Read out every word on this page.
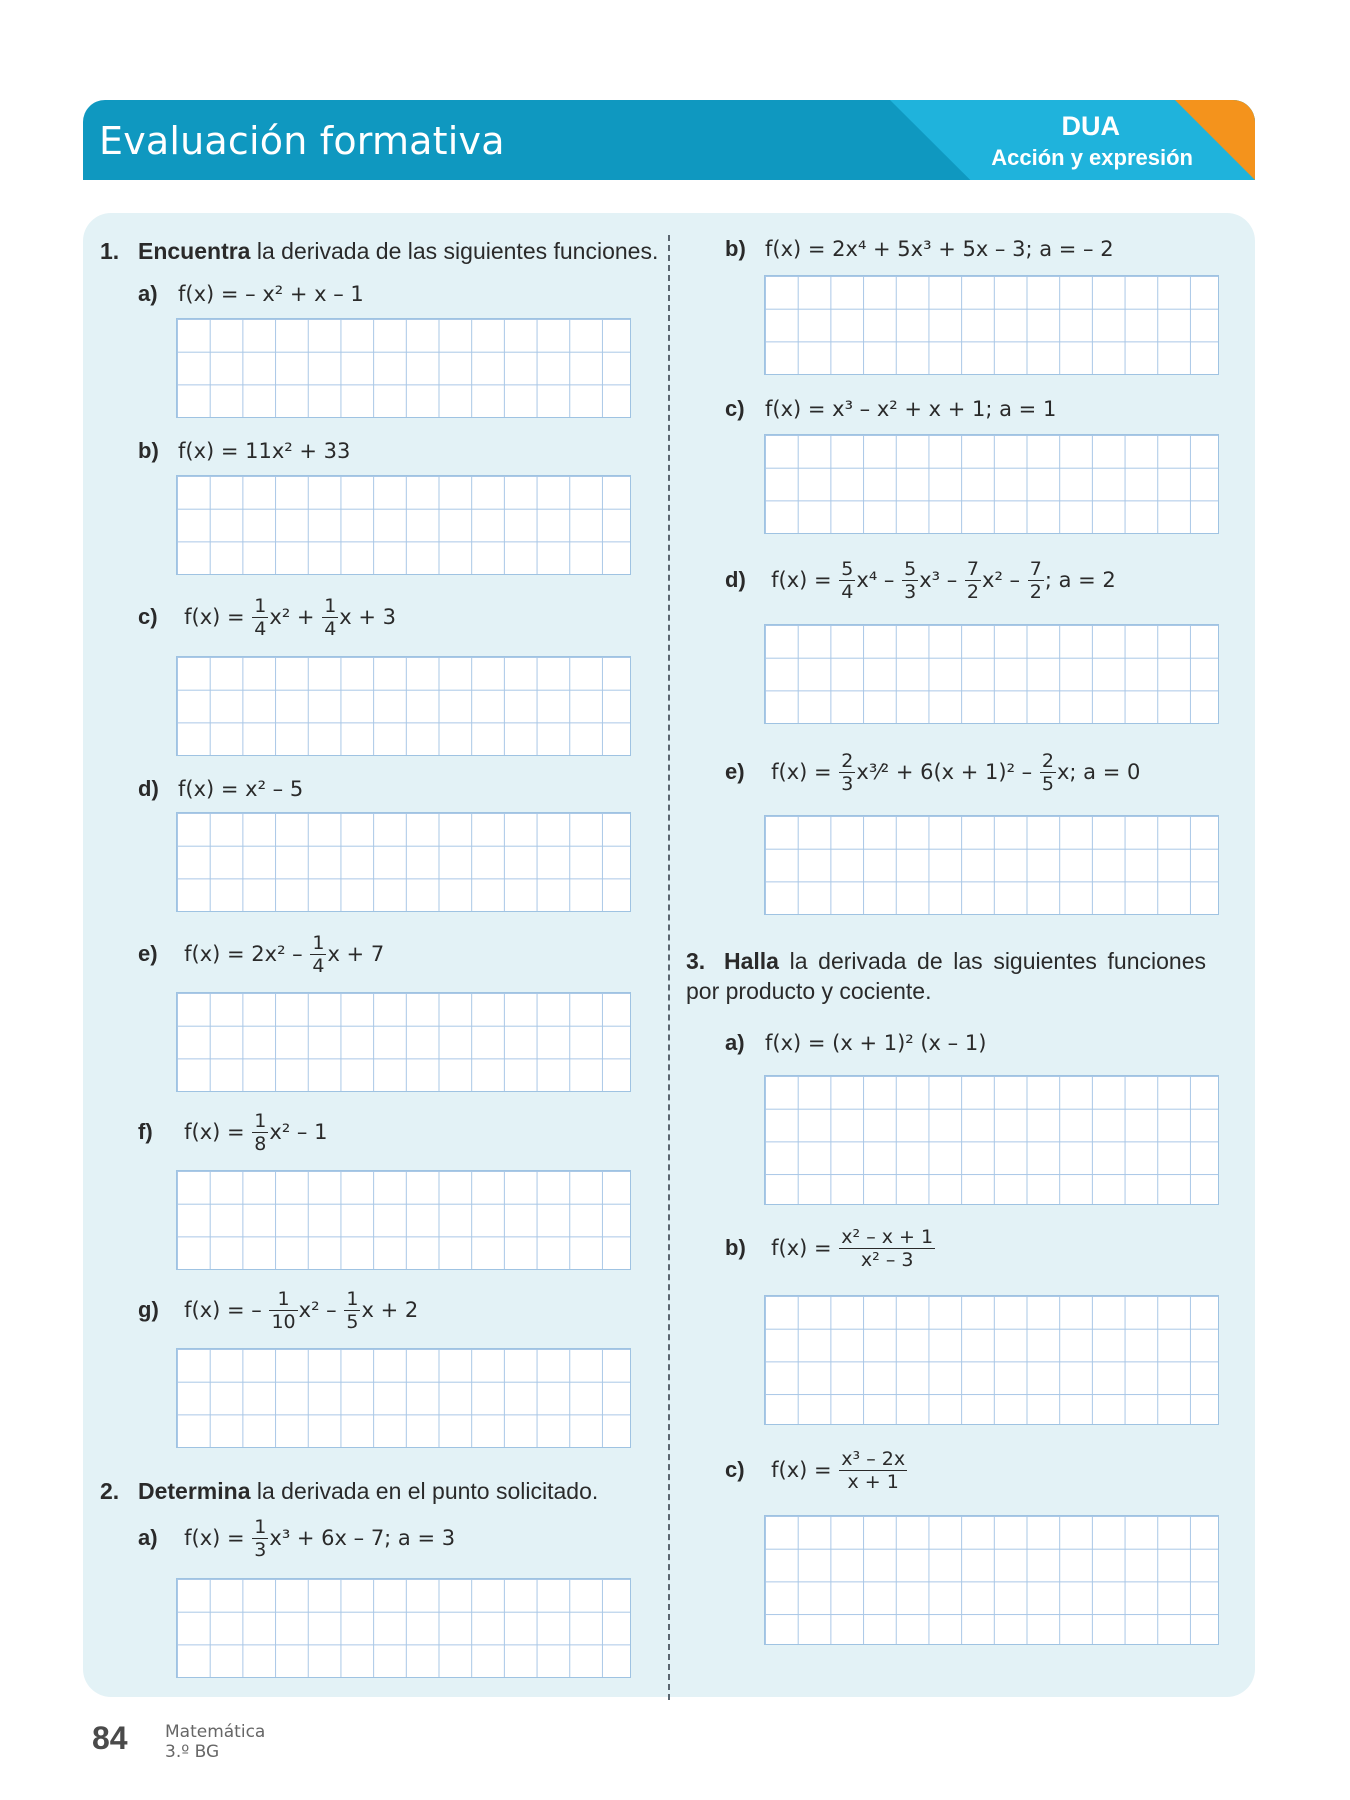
Evaluación formativa	DUA
Acción y expresión
1. Encuentra la derivada de las siguientes funciones.
a) f(x) = – x² + x – 1
b) f(x) = 11x² + 33
c) $f(x) = \frac{1}{4} x^2 + \frac{1}{4}$ x + 3
d) f(x) = x² – 5
e) $f(x) = 2x^2 - \frac{1}{4}$ x + 7
f) $f(x) = \frac{1}{8} x^2 - 1$
g) f(x) = – $\frac{1}{10} x^2 - \frac{1}{5}$ x + 2
2. Determina la derivada en el punto solicitado.
a) $f(x) = \frac{1}{3} x^3 + 6x - 7$; a = 3
b) f(x) = 2x⁴ + 5x³ + 5x – 3; a = – 2
c) f(x) = x³ – x² + x + 1; a = 1
d) $f(x) = \frac{5}{4} x^4 - \frac{5}{3} x^3 - \frac{7}{2} x^2 - \frac{7}{2}$ ; a = 2
e) $f(x) = \frac{2}{3}$ x³⁄² + $6(x + 1)^2 - \frac{2}{5} x$; a = 0
3. Halla la derivada de las siguientes funciones por producto y cociente.
a) f(x) = (x + 1)² (x – 1)
b) $f(x) = \frac{\text{x² – x + 1}}{\text{x² – 3}}$
c) $f(x) = \frac{\text{x³ – 2x}}{x + 1}$
84 Matemática
3.º BG
